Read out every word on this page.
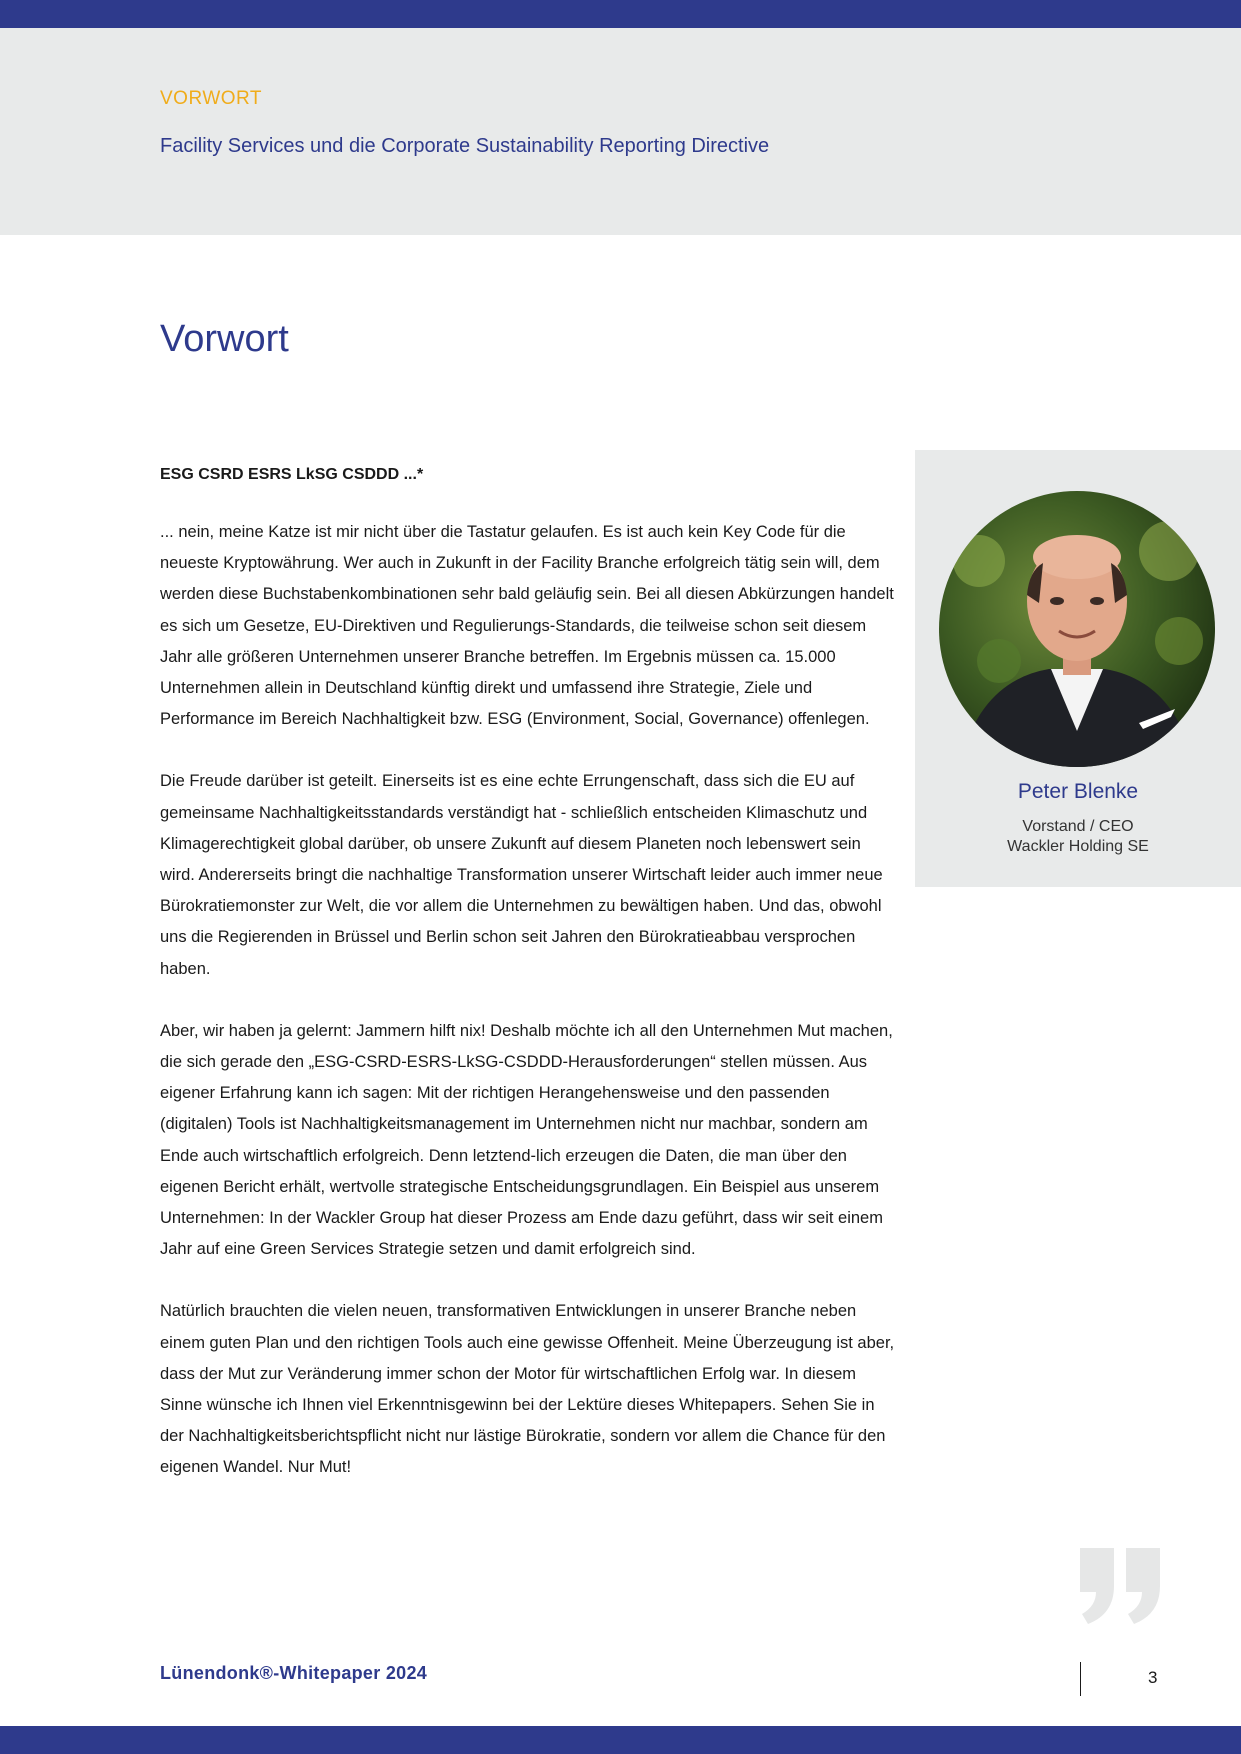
VORWORT
Facility Services und die Corporate Sustainability Reporting Directive
Vorwort

ESG CSRD ESRS LkSG CSDDD ...*

... nein, meine Katze ist mir nicht über die Tastatur gelaufen. Es ist auch kein Key Code für die neueste Kryptowährung. Wer auch in Zukunft in der Facility Branche erfolgreich tätig sein will, dem werden diese Buchstabenkombinationen sehr bald geläufig sein. Bei all diesen Abkürzungen handelt es sich um Gesetze, EU-Direktiven und Regulierungs-Standards, die teilweise schon seit diesem Jahr alle größeren Unternehmen unserer Branche betreffen. Im Ergebnis müssen ca. 15.000 Unternehmen allein in Deutschland künftig direkt und umfassend ihre Strategie, Ziele und Performance im Bereich Nachhaltigkeit bzw. ESG (Environment, Social, Governance) offenlegen.

Die Freude darüber ist geteilt. Einerseits ist es eine echte Errungenschaft, dass sich die EU auf gemeinsame Nachhaltigkeitsstandards verständigt hat - schließlich entscheiden Klimaschutz und Klimagerechtigkeit global darüber, ob unsere Zukunft auf diesem Planeten noch lebenswert sein wird. Andererseits bringt die nachhaltige Transformation unserer Wirtschaft leider auch immer neue Bürokratiemonster zur Welt, die vor allem die Unternehmen zu bewältigen haben. Und das, obwohl uns die Regierenden in Brüssel und Berlin schon seit Jahren den Bürokratieabbau versprochen haben.

Aber, wir haben ja gelernt: Jammern hilft nix! Deshalb möchte ich all den Unternehmen Mut machen, die sich gerade den „ESG-CSRD-ESRS-LkSG-CSDDD-Herausforderungen“ stellen müssen. Aus eigener Erfahrung kann ich sagen: Mit der richtigen Herangehensweise und den passenden (digitalen) Tools ist Nachhaltigkeitsmanagement im Unternehmen nicht nur machbar, sondern am Ende auch wirtschaftlich erfolgreich. Denn letztend-lich erzeugen die Daten, die man über den eigenen Bericht erhält, wertvolle strategische Entscheidungsgrundlagen. Ein Beispiel aus unserem Unternehmen: In der Wackler Group hat dieser Prozess am Ende dazu geführt, dass wir seit einem Jahr auf eine Green Services Strategie setzen und damit erfolgreich sind.

Natürlich brauchten die vielen neuen, transformativen Entwicklungen in unserer Branche neben einem guten Plan und den richtigen Tools auch eine gewisse Offenheit. Meine Überzeugung ist aber, dass der Mut zur Veränderung immer schon der Motor für wirtschaftlichen Erfolg war. In diesem Sinne wünsche ich Ihnen viel Erkenntnisgewinn bei der Lektüre dieses Whitepapers. Sehen Sie in der Nachhaltigkeitsberichtspflicht nicht nur lästige Bürokratie, sondern vor allem die Chance für den eigenen Wandel. Nur Mut!

Peter Blenke
Vorstand / CEO
Wackler Holding SE
Lünendonk®-Whitepaper 2024	3
